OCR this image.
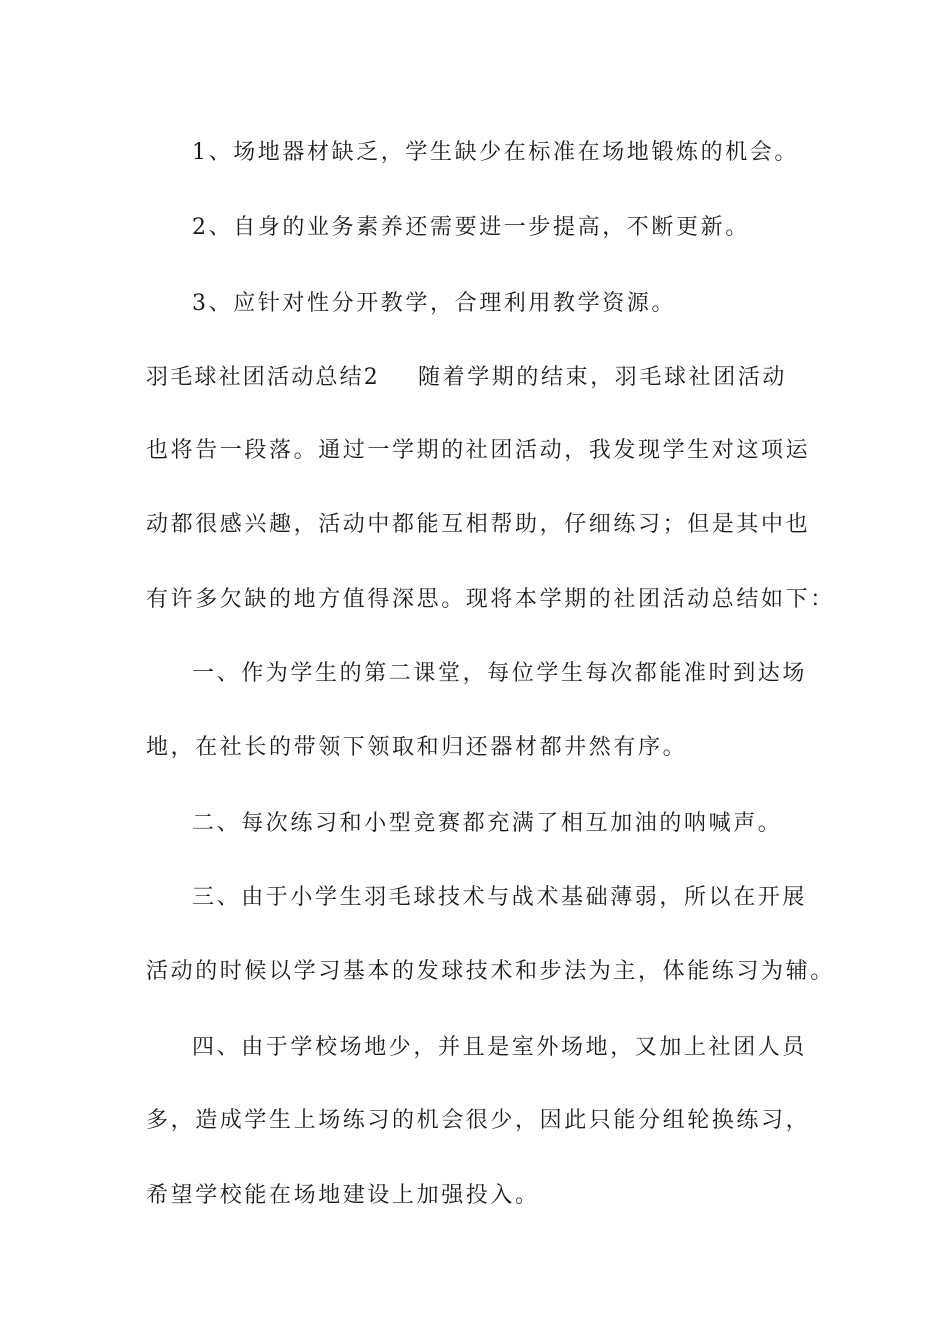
1、场地器材缺乏，学生缺少在标准在场地锻炼的机会。
2、自身的业务素养还需要进一步提高，不断更新。
3、应针对性分开教学，合理利用教学资源。
羽毛球社团活动总结2 随着学期的结束，羽毛球社团活动
也将告一段落。通过一学期的社团活动，我发现学生对这项运
动都很感兴趣，活动中都能互相帮助，仔细练习；但是其中也
有许多欠缺的地方值得深思。现将本学期的社团活动总结如下：
一、作为学生的第二课堂，每位学生每次都能准时到达场
地，在社长的带领下领取和归还器材都井然有序。
二、每次练习和小型竞赛都充满了相互加油的呐喊声。
三、由于小学生羽毛球技术与战术基础薄弱，所以在开展
活动的时候以学习基本的发球技术和步法为主，体能练习为辅。
四、由于学校场地少，并且是室外场地，又加上社团人员
多，造成学生上场练习的机会很少，因此只能分组轮换练习，
希望学校能在场地建设上加强投入。
